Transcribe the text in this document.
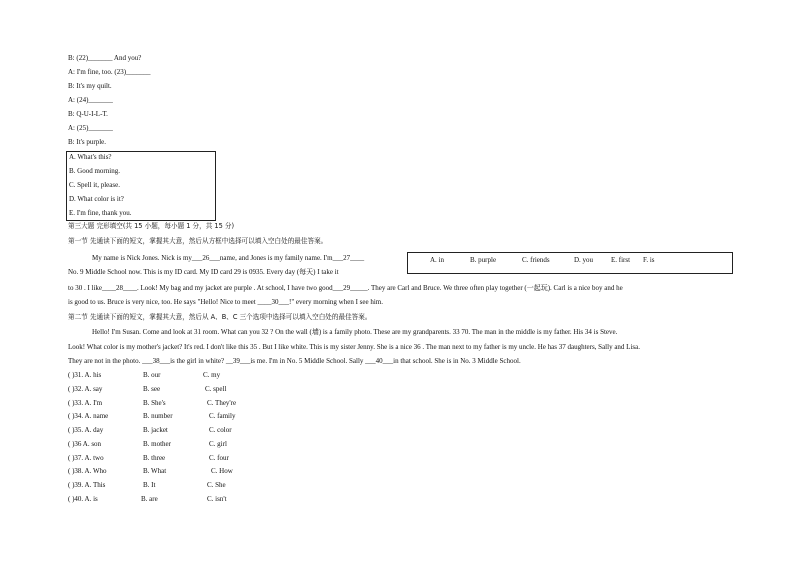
B: (22)_______ And you?
A: I'm fine, too. (23)_______
B: It's my quilt.
A: (24)_______
B: Q-U-I-L-T.
A: (25)_______
B: It's purple.
A. What's this?
B. Good morning.
C. Spell it, please.
D. What color is it?
E. I'm fine, thank you.
第三大题 完形填空(共 15 小题，每小题 1 分，共 15 分)
第一节 先通读下面的短文，掌握其大意，然后从方框中选择可以填入空白处的最佳答案。
My name is Nick Jones. Nick is my___26___name, and Jones is my family name. I'm___27____
No. 9 Middle School now. This is my ID card. My ID card 29 is 0935. Every day (每天) I take it
to 30 . I like____28____. Look! My bag and my jacket are purple . At school, I have two good___29_____. They are Carl and Bruce. We three often play together (一起玩). Carl is a nice boy and he
is good to us. Bruce is very nice, too. He says "Hello! Nice to meet ____30___!" every morning when I see him.
A. in	B. purple	C. friends	D. you	E. first F. is
第二节 先通读下面的短文，掌握其大意，然后从 A、B、C 三个选项中选择可以填入空白处的最佳答案。
Hello! I'm Susan. Come and look at 31 room. What can you 32 ? On the wall (墙) is a family photo. These are my grandparents. 33 70. The man in the middle is my father. His 34 is Steve.
Look! What color is my mother's jacket? It's red. I don't like this 35 . But I like white. This is my sister Jenny. She is a nice 36 . The man next to my father is my uncle. He has 37 daughters, Sally and Lisa.
They are not in the photo. ___38___is the girl in white? __39___is me. I'm in No. 5 Middle School. Sally ___40___in that school. She is in No. 3 Middle School.
( )31. A. his	B. our	C. my
( )32. A. say	B. see	C. spell
( )33. A. I'm	B. She's	C. They're
( )34. A. name	B. number	C. family
( )35. A. day	B. jacket	C. color
( )36 A. son	B. mother	C. girl
( )37. A. two	B. three	C. four
( )38. A. Who	B. What	C. How
( )39. A. This	B. It	C. She
( )40. A. is	B. are	C. isn't
